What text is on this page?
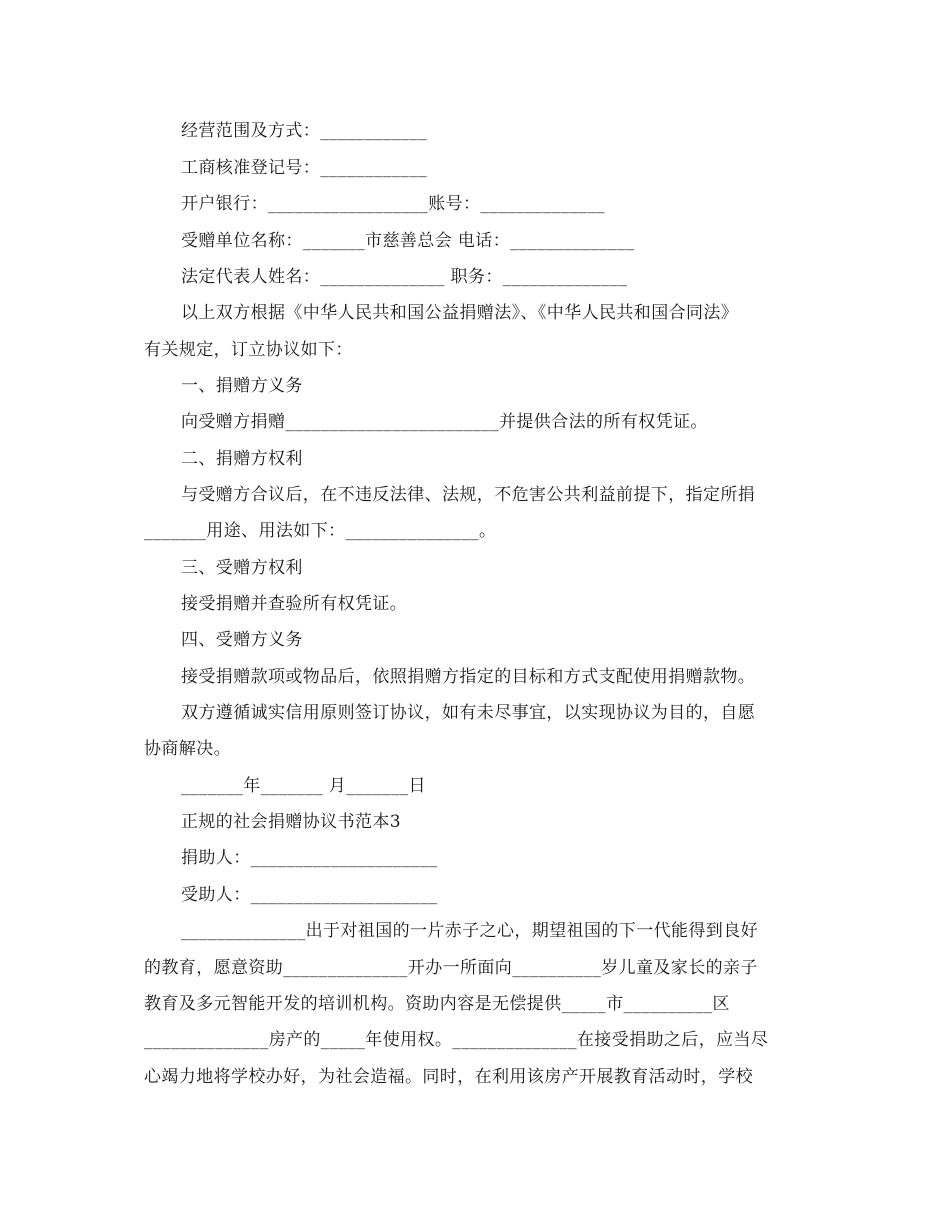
经营范围及方式：____________
工商核准登记号：____________
开户银行：__________________账号：______________
受赠单位名称：_______市慈善总会 电话：______________
法定代表人姓名：______________ 职务：______________
以上双方根据《中华人民共和国公益捐赠法》、《中华人民共和国合同法》
有关规定，订立协议如下：
一、捐赠方义务
向受赠方捐赠________________________并提供合法的所有权凭证。
二、捐赠方权利
与受赠方合议后，在不违反法律、法规，不危害公共利益前提下，指定所捐
_______用途、用法如下：_______________。
三、受赠方权利
接受捐赠并查验所有权凭证。
四、受赠方义务
接受捐赠款项或物品后，依照捐赠方指定的目标和方式支配使用捐赠款物。
双方遵循诚实信用原则签订协议，如有未尽事宜，以实现协议为目的，自愿
协商解决。
_______年_______ 月_______日
正规的社会捐赠协议书范本3
捐助人：_____________________
受助人：_____________________
______________出于对祖国的一片赤子之心，期望祖国的下一代能得到良好
的教育，愿意资助______________开办一所面向__________岁儿童及家长的亲子
教育及多元智能开发的培训机构。资助内容是无偿提供_____市__________区
______________房产的_____年使用权。______________在接受捐助之后，应当尽
心竭力地将学校办好，为社会造福。同时，在利用该房产开展教育活动时，学校
